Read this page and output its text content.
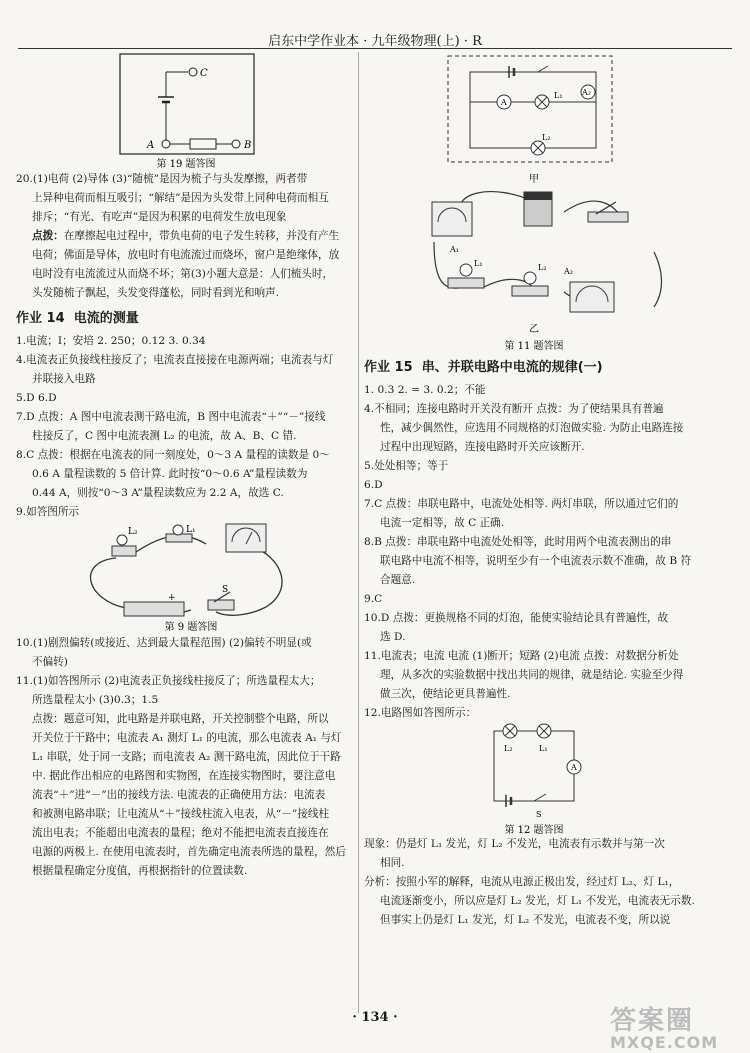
启东中学作业本 · 九年级物理(上) · R
C
A	B
第 19 题答图
20.(1)电荷 (2)导体 (3)“随梳”是因为梳子与头发摩擦，两者带
上异种电荷而相互吸引；“解结”是因为头发带上同种电荷而相互
排斥；“有光、有吃声”是因为积累的电荷发生放电现象
点拨：在摩擦起电过程中，带负电荷的电子发生转移，并没有产生
电荷；佛面是导体，放电时有电流流过而烧坏，窗户是绝缘体，放
电时没有电流流过从而烧不坏；第(3)小题大意是：人们梳头时，
头发随梳子飘起，头发变得蓬松，同时看到光和响声.
作业 14 电流的测量
1.电流；I；安培 2. 250；0.12 3. 0.34
4.电流表正负接线柱接反了；电流表直接接在电源两端；电流表与灯
并联接入电路
5.D 6.D
7.D 点拨：A 图中电流表测干路电流，B 图中电流表“＋”“－”接线
柱接反了，C 图中电流表测 L₂ 的电流，故 A、B、C 错.
8.C 点拨：根据在电流表的同一刻度处，0～3 A 量程的读数是 0～
0.6 A 量程读数的 5 倍计算. 此时按“0～0.6 A”量程读数为
0.44 A，则按“0～3 A”量程读数应为 2.2 A，故选 C.
9.如答图所示
L₁
L₂
S
+
第 9 题答图
10.(1)剧烈偏转(或接近、达到最大量程范围) (2)偏转不明显(或
不偏转)
11.(1)如答图所示 (2)电流表正负接线柱接反了；所选量程太大；
所选量程太小 (3)0.3；1.5
点拨：题意可知，此电路是并联电路，开关控制整个电路，所以
开关位于干路中；电流表 A₁ 测灯 L₁ 的电流，那么电流表 A₁ 与灯
L₁ 串联，处于同一支路；而电流表 A₂ 测干路电流，因此位于干路
中. 据此作出相应的电路图和实物图，在连接实物图时，要注意电
流表“＋”进“－”出的接线方法. 电流表的正确使用方法：电流表
和被测电路串联；让电流从“＋”接线柱流入电表，从“－”接线柱
流出电表；不能超出电流表的量程；绝对不能把电流表直接连在
电源的两极上. 在使用电流表时，首先确定电流表所选的量程，然后
根据量程确定分度值，再根据指针的位置读数.
A
L₁ A₂
L₂
甲
A₁
L₁	L₂ A₂
乙
第 11 题答图
作业 15 串、并联电路中电流的规律(一)
1. 0.3 2. = 3. 0.2；不能
4.不相同；连接电路时开关没有断开 点拨：为了使结果具有普遍
性，减少偶然性，应选用不同规格的灯泡做实验. 为防止电路连接
过程中出现短路，连接电路时开关应该断开.
5.处处相等；等于
6.D
7.C 点拨：串联电路中，电流处处相等. 两灯串联，所以通过它们的
电流一定相等，故 C 正确.
8.B 点拨：串联电路中电流处处相等，此时用两个电流表测出的串
联电路中电流不相等，说明至少有一个电流表示数不准确，故 B 符
合题意.
9.C
10.D 点拨：更换规格不同的灯泡，能使实验结论具有普遍性，故
选 D.
11.电流表；电流 电流 (1)断开；短路 (2)电流 点拨：对数据分析处
理，从多次的实验数据中找出共同的规律，就是结论. 实验至少得
做三次，使结论更具普遍性.
12.电路图如答图所示：
L₂	L₁
A
S
第 12 题答图
现象：仍是灯 L₁ 发光，灯 L₂ 不发光，电流表有示数并与第一次
相同.
分析：按照小军的解释，电流从电源正极出发，经过灯 L₂、灯 L₁，
电流逐渐变小，所以应是灯 L₂ 发光，灯 L₁ 不发光，电流表无示数.
但事实上仍是灯 L₁ 发光，灯 L₂ 不发光，电流表不变，所以说
· 134 ·	答案圈
MXQE.COM
